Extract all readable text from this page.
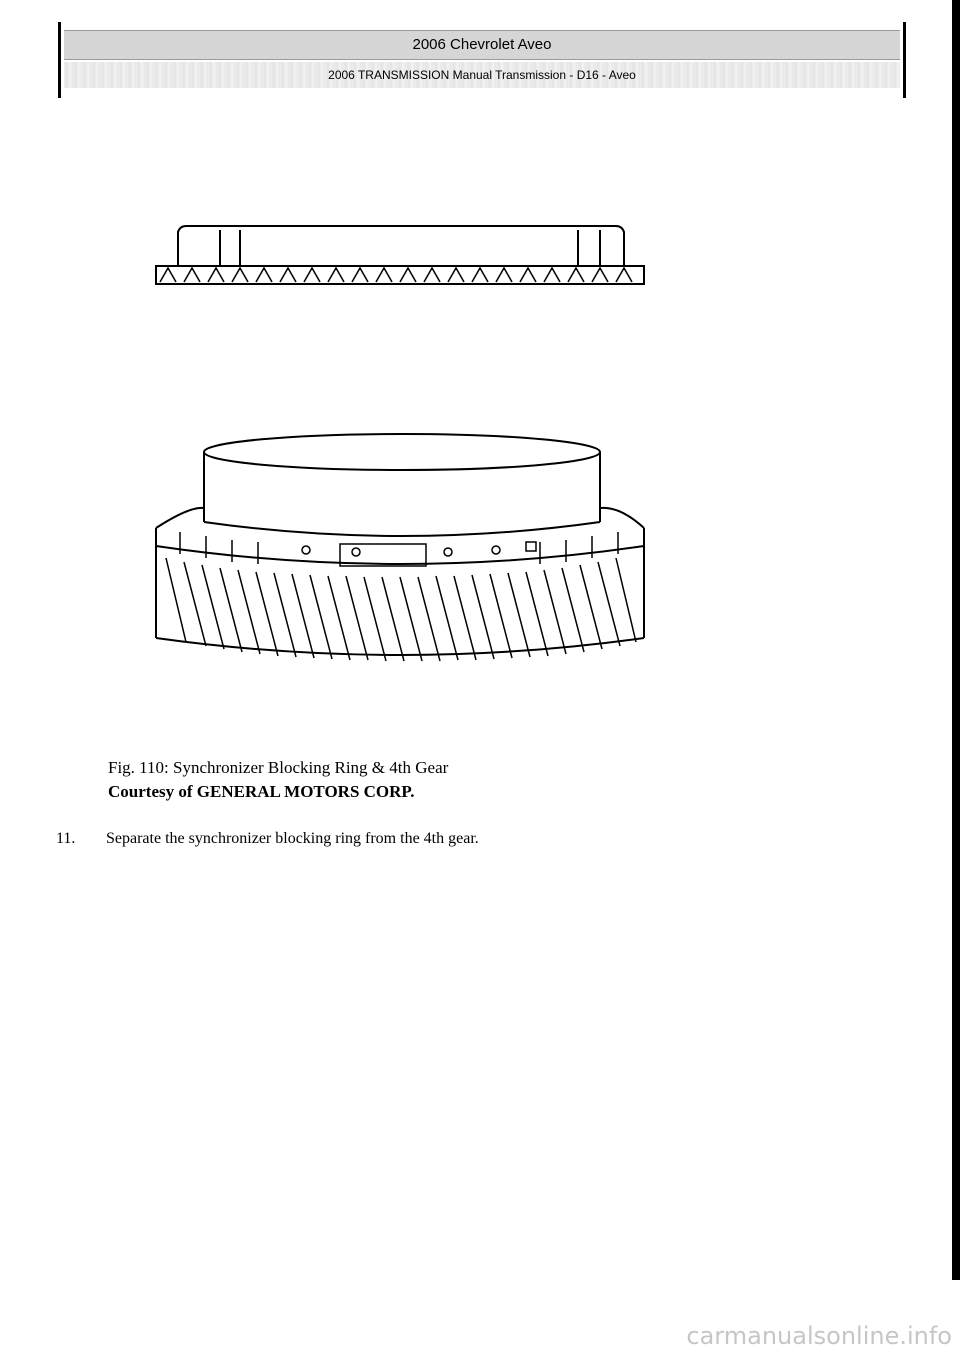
2006 Chevrolet Aveo
2006 TRANSMISSION Manual Transmission - D16 - Aveo
Fig. 110: Synchronizer Blocking Ring & 4th Gear
Courtesy of GENERAL MOTORS CORP.
11. Separate the synchronizer blocking ring from the 4th gear.
carmanualsonline.info
